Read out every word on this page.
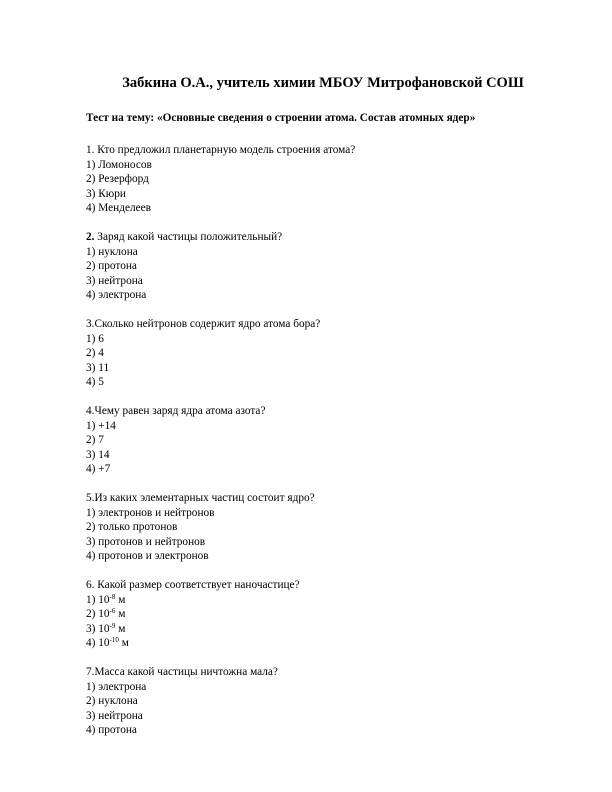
Забкина О.А., учитель химии МБОУ Митрофановской СОШ
Тест на тему: «Основные сведения о строении атома. Состав атомных ядер»
1. Кто предложил планетарную модель строения атома?
1) Ломоносов
2) Резерфорд
3) Кюри
4) Менделеев
2. Заряд какой частицы положительный?
1) нуклона
2) протона
3) нейтрона
4) электрона
3.Сколько нейтронов содержит ядро атома бора?
1) 6
2) 4
3) 11
4) 5
4.Чему равен заряд ядра атома азота?
1) +14
2) 7
3) 14
4) +7
5.Из каких элементарных частиц состоит ядро?
1) электронов и нейтронов
2) только протонов
3) протонов и нейтронов
4) протонов и электронов
6. Какой размер соответствует наночастице?
1) $10^{-8}$ м
2) $10^{-6}$ м
3) $10^{-9}$ м
4) $10^{-10}$ м
7.Масса какой частицы ничтожна мала?
1) электрона
2) нуклона
3) нейтрона
4) протона
